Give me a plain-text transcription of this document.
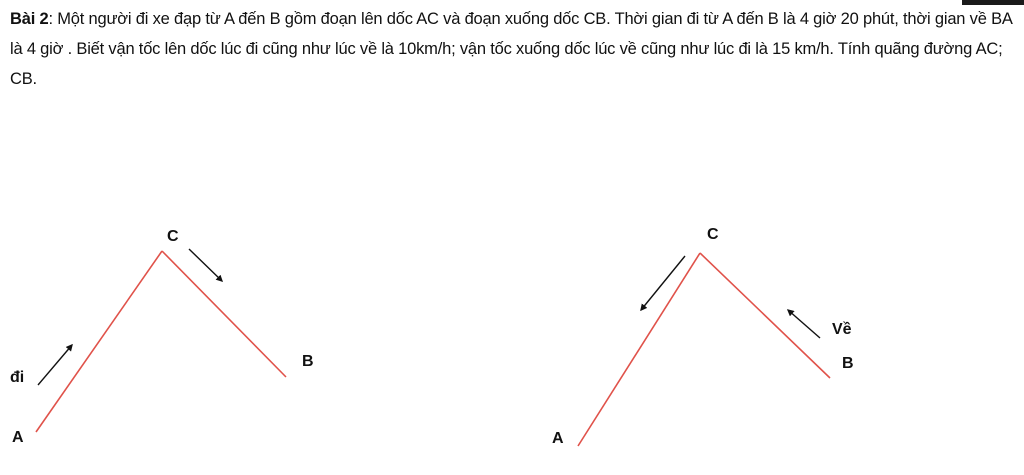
Bài 2: Một người đi xe đạp từ A đến B gồm đoạn lên dốc AC và đoạn xuống dốc CB. Thời gian đi từ A đến B là 4 giờ 20 phút, thời gian về BA là 4 giờ . Biết vận tốc lên dốc lúc đi cũng như lúc về là 10km/h; vận tốc xuống dốc lúc về cũng như lúc đi là 15 km/h. Tính quãng đường AC; CB.
C
B
A
đi
C
B
A
Về
